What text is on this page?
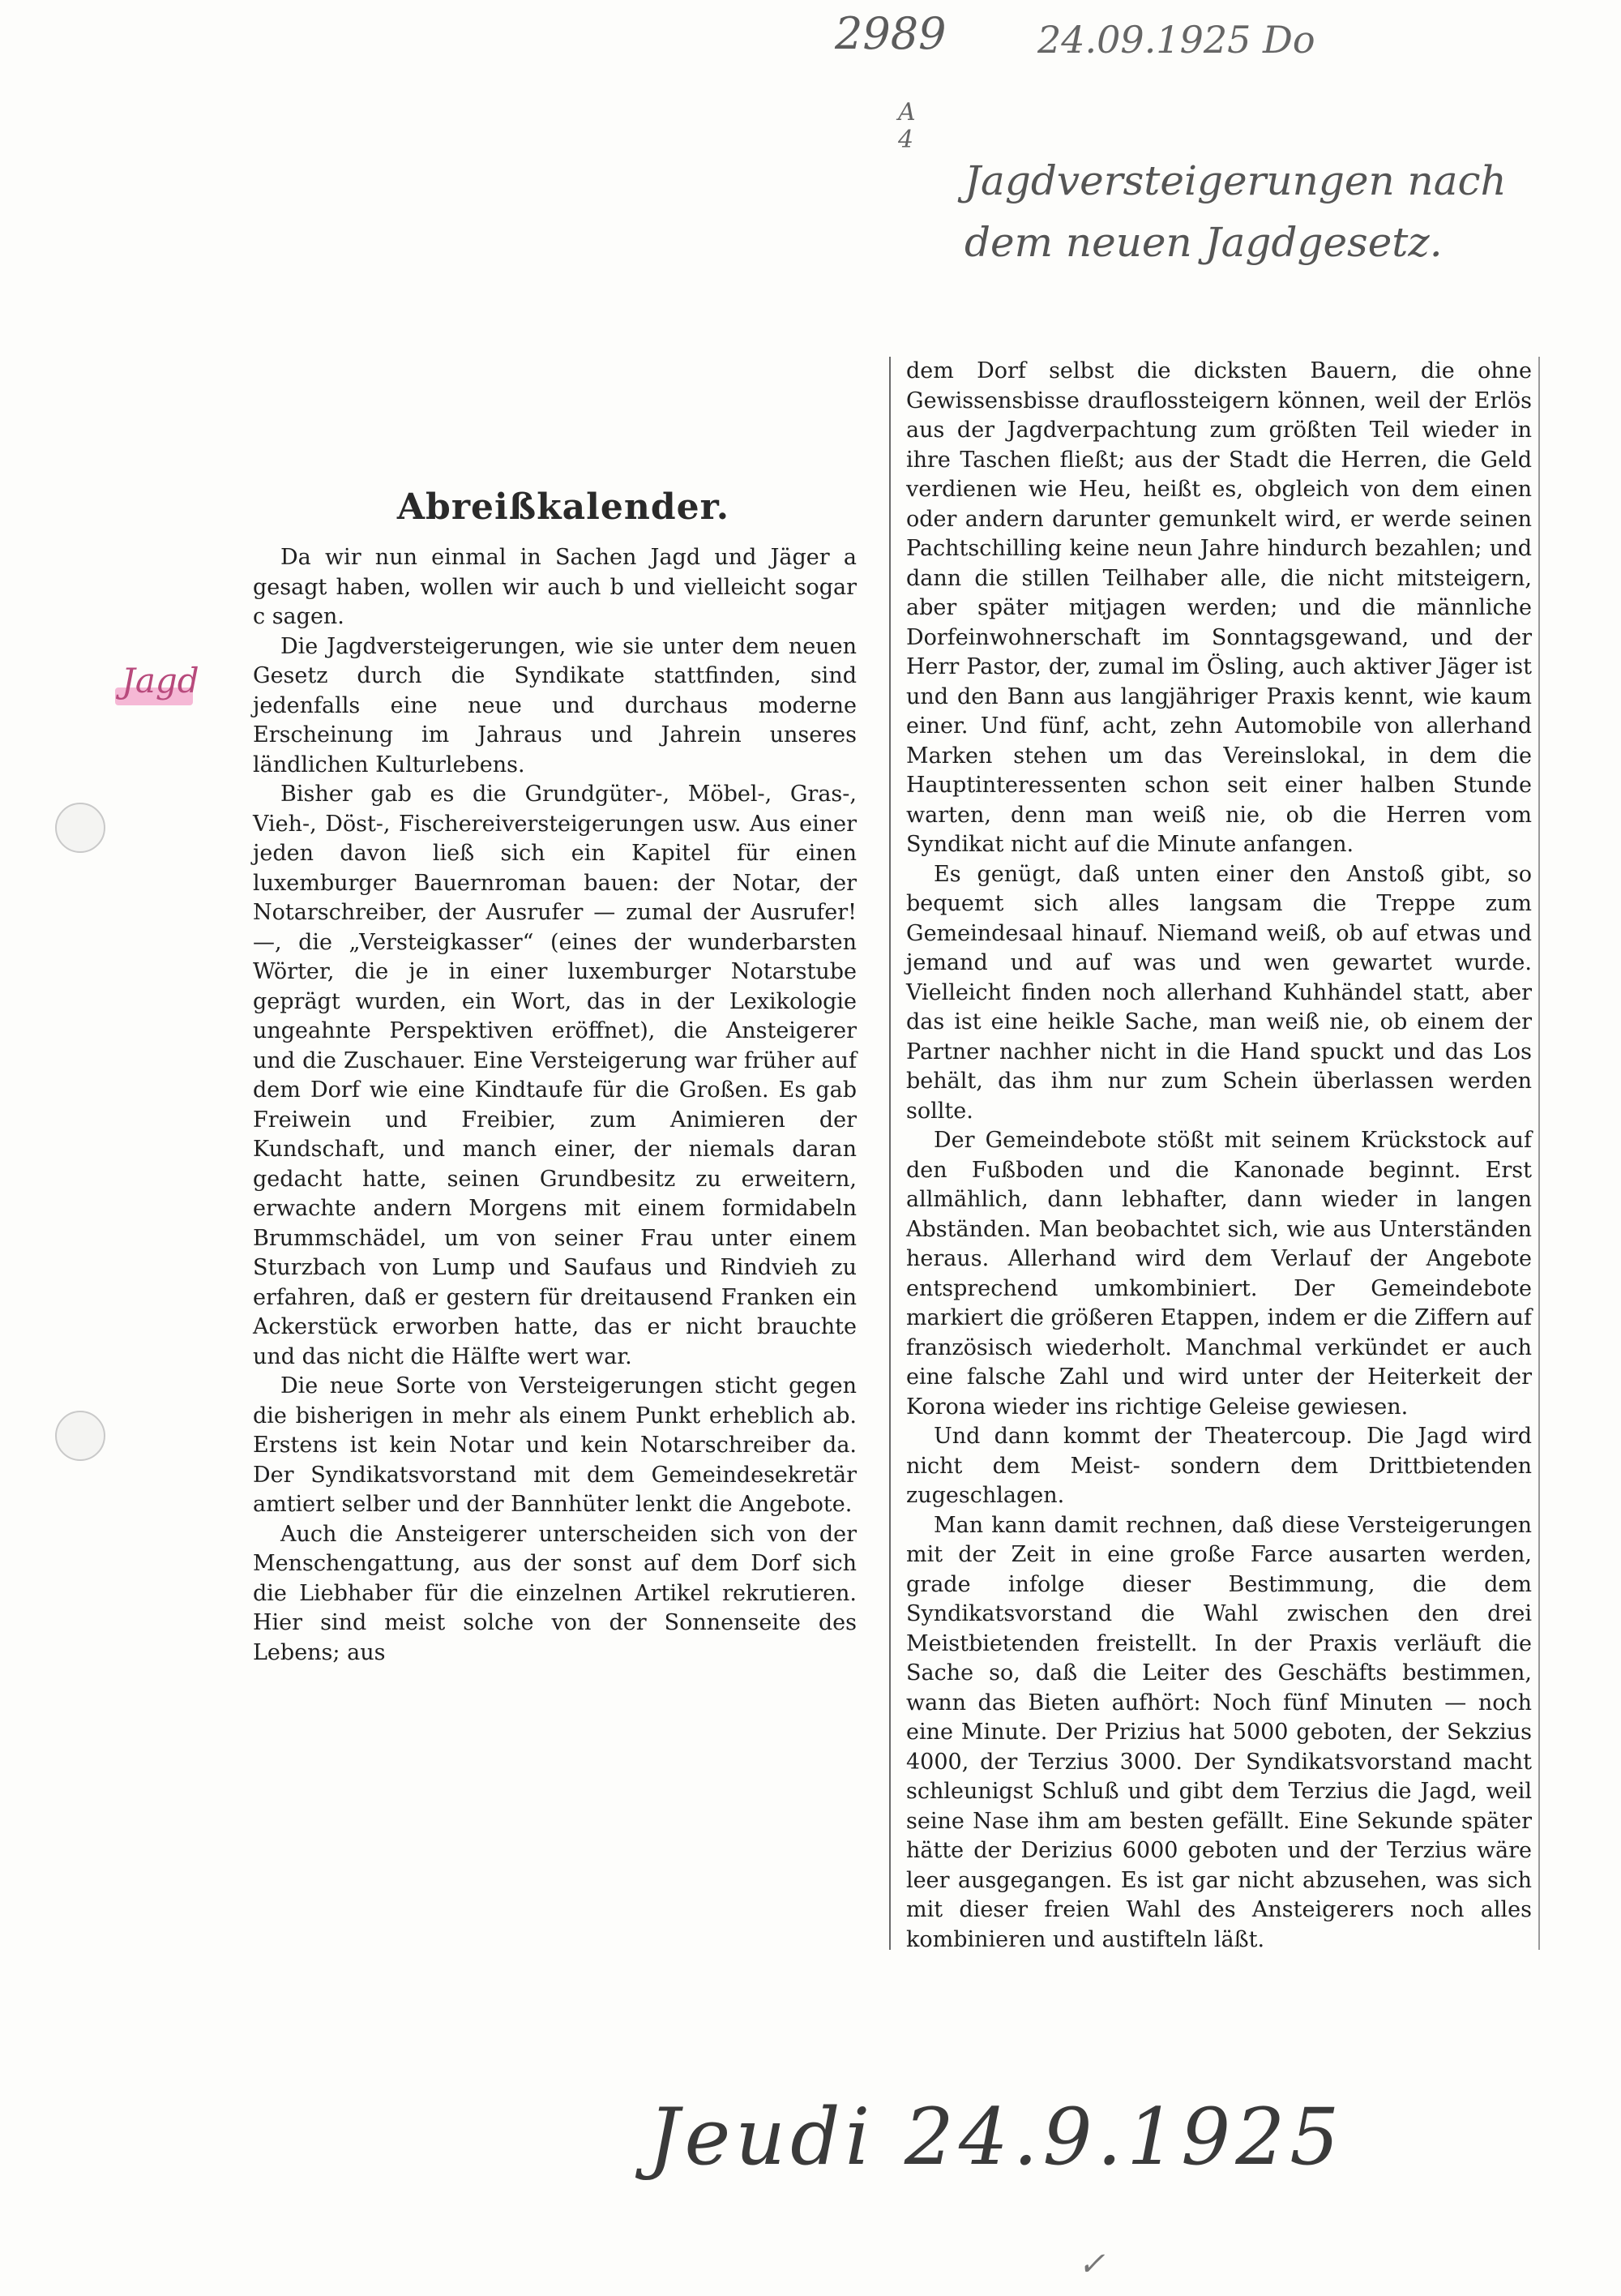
2989 24.09.1925 Do
A 4
Jagdversteigerungen nach dem neuen Jagdgesetz.
Jagd
Abreißkalender.

Da wir nun einmal in Sachen Jagd und Jäger a gesagt haben, wollen wir auch b und vielleicht sogar c sagen.

Die Jagdversteigerungen, wie sie unter dem neuen Gesetz durch die Syndikate stattfinden, sind jedenfalls eine neue und durchaus moderne Erscheinung im Jahraus und Jahrein unseres ländlichen Kulturlebens.

Bisher gab es die Grundgüter-, Möbel-, Gras-, Vieh-, Döst-, Fischereiversteigerungen usw. Aus einer jeden davon ließ sich ein Kapitel für einen luxemburger Bauernroman bauen: der Notar, der Notarschreiber, der Ausrufer — zumal der Ausrufer! —, die „Versteigkasser“ (eines der wunderbarsten Wörter, die je in einer luxemburger Notarstube geprägt wurden, ein Wort, das in der Lexikologie ungeahnte Perspektiven eröffnet), die Ansteigerer und die Zuschauer. Eine Versteigerung war früher auf dem Dorf wie eine Kindtaufe für die Großen. Es gab Freiwein und Freibier, zum Animieren der Kundschaft, und manch einer, der niemals daran gedacht hatte, seinen Grundbesitz zu erweitern, erwachte andern Morgens mit einem formidabeln Brummschädel, um von seiner Frau unter einem Sturzbach von Lump und Saufaus und Rindvieh zu erfahren, daß er gestern für dreitausend Franken ein Ackerstück erworben hatte, das er nicht brauchte und das nicht die Hälfte wert war.

Die neue Sorte von Versteigerungen sticht gegen die bisherigen in mehr als einem Punkt erheblich ab. Erstens ist kein Notar und kein Notarschreiber da. Der Syndikatsvorstand mit dem Gemeindesekretär amtiert selber und der Bannhüter lenkt die Angebote.

Auch die Ansteigerer unterscheiden sich von der Menschengattung, aus der sonst auf dem Dorf sich die Liebhaber für die einzelnen Artikel rekrutieren. Hier sind meist solche von der Sonnenseite des Lebens; aus

dem Dorf selbst die dicksten Bauern, die ohne Gewissensbisse drauflossteigern können, weil der Erlös aus der Jagdverpachtung zum größten Teil wieder in ihre Taschen fließt; aus der Stadt die Herren, die Geld verdienen wie Heu, heißt es, obgleich von dem einen oder andern darunter gemunkelt wird, er werde seinen Pachtschilling keine neun Jahre hindurch bezahlen; und dann die stillen Teilhaber alle, die nicht mitsteigern, aber später mitjagen werden; und die männliche Dorfeinwohnerschaft im Sonntagsgewand, und der Herr Pastor, der, zumal im Ösling, auch aktiver Jäger ist und den Bann aus langjähriger Praxis kennt, wie kaum einer. Und fünf, acht, zehn Automobile von allerhand Marken stehen um das Vereinslokal, in dem die Hauptinteressenten schon seit einer halben Stunde warten, denn man weiß nie, ob die Herren vom Syndikat nicht auf die Minute anfangen.

Es genügt, daß unten einer den Anstoß gibt, so bequemt sich alles langsam die Treppe zum Gemeindesaal hinauf. Niemand weiß, ob auf etwas und jemand und auf was und wen gewartet wurde. Vielleicht finden noch allerhand Kuhhändel statt, aber das ist eine heikle Sache, man weiß nie, ob einem der Partner nachher nicht in die Hand spuckt und das Los behält, das ihm nur zum Schein überlassen werden sollte.

Der Gemeindebote stößt mit seinem Krückstock auf den Fußboden und die Kanonade beginnt. Erst allmählich, dann lebhafter, dann wieder in langen Abständen. Man beobachtet sich, wie aus Unterständen heraus. Allerhand wird dem Verlauf der Angebote entsprechend umkombiniert. Der Gemeindebote markiert die größeren Etappen, indem er die Ziffern auf französisch wiederholt. Manchmal verkündet er auch eine falsche Zahl und wird unter der Heiterkeit der Korona wieder ins richtige Geleise gewiesen.

Und dann kommt der Theatercoup. Die Jagd wird nicht dem Meist- sondern dem Drittbietenden zugeschlagen.

Man kann damit rechnen, daß diese Versteigerungen mit der Zeit in eine große Farce ausarten werden, grade infolge dieser Bestimmung, die dem Syndikatsvorstand die Wahl zwischen den drei Meistbietenden freistellt. In der Praxis verläuft die Sache so, daß die Leiter des Geschäfts bestimmen, wann das Bieten aufhört: Noch fünf Minuten — noch eine Minute. Der Prizius hat 5000 geboten, der Sekzius 4000, der Terzius 3000. Der Syndikatsvorstand macht schleunigst Schluß und gibt dem Terzius die Jagd, weil seine Nase ihm am besten gefällt. Eine Sekunde später hätte der Derizius 6000 geboten und der Terzius wäre leer ausgegangen. Es ist gar nicht abzusehen, was sich mit dieser freien Wahl des Ansteigerers noch alles kombinieren und austifteln läßt.

Jeudi 24.9.1925
✓
